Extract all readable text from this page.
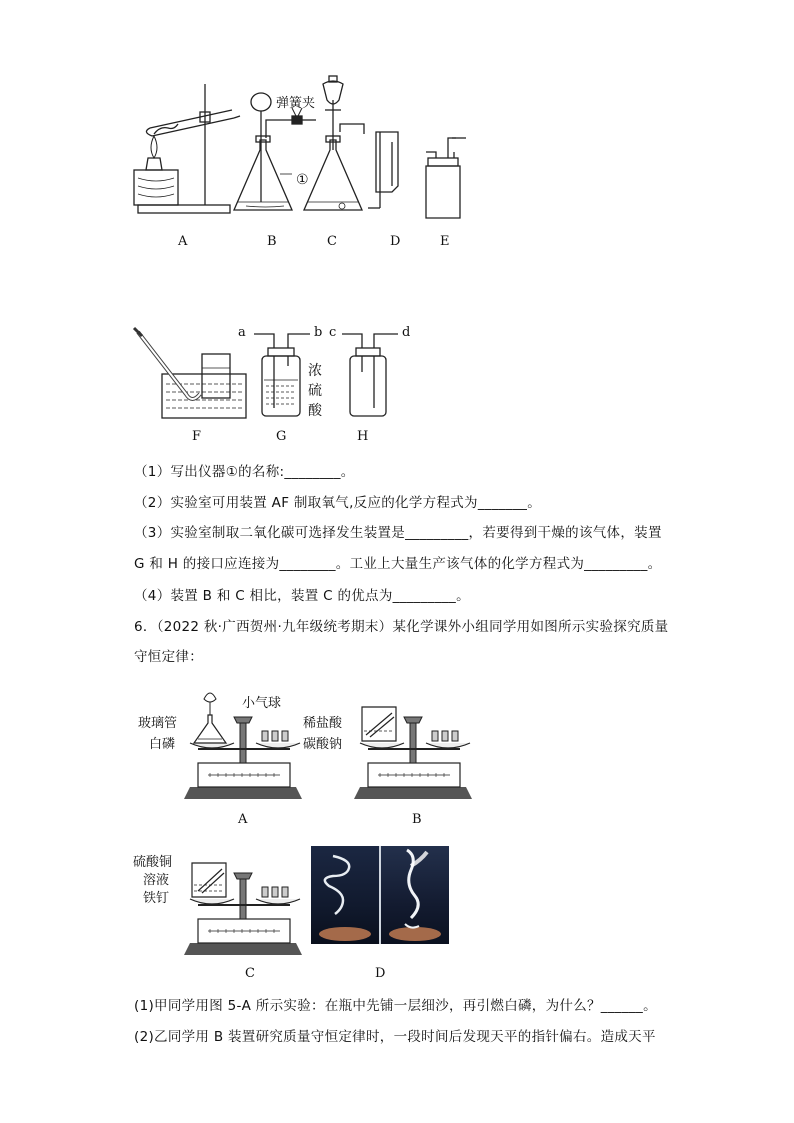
弹簧夹
①
A	B	C	D	E
a	b c	d
浓
硫
酸
F	G	H
（1）写出仪器①的名称:________。
（2）实验室可用装置 AF 制取氧气,反应的化学方程式为_______。
（3）实验室制取二氧化碳可选择发生装置是_________，若要得到干燥的该气体，装置
G 和 H 的接口应连接为________。工业上大量生产该气体的化学方程式为_________。
（4）装置 B 和 C 相比，装置 C 的优点为_________。
6．（2022 秋·广西贺州·九年级统考期末）某化学课外小组同学用如图所示实验探究质量
守恒定律：
小气球
玻璃管
白磷
稀盐酸
碳酸钠
A	B
硫酸铜
溶液
铁钉
C	D
(1)甲同学用图 5-A 所示实验：在瓶中先铺一层细沙，再引燃白磷，为什么？______。
(2)乙同学用 B 装置研究质量守恒定律时，一段时间后发现天平的指针偏右。造成天平
